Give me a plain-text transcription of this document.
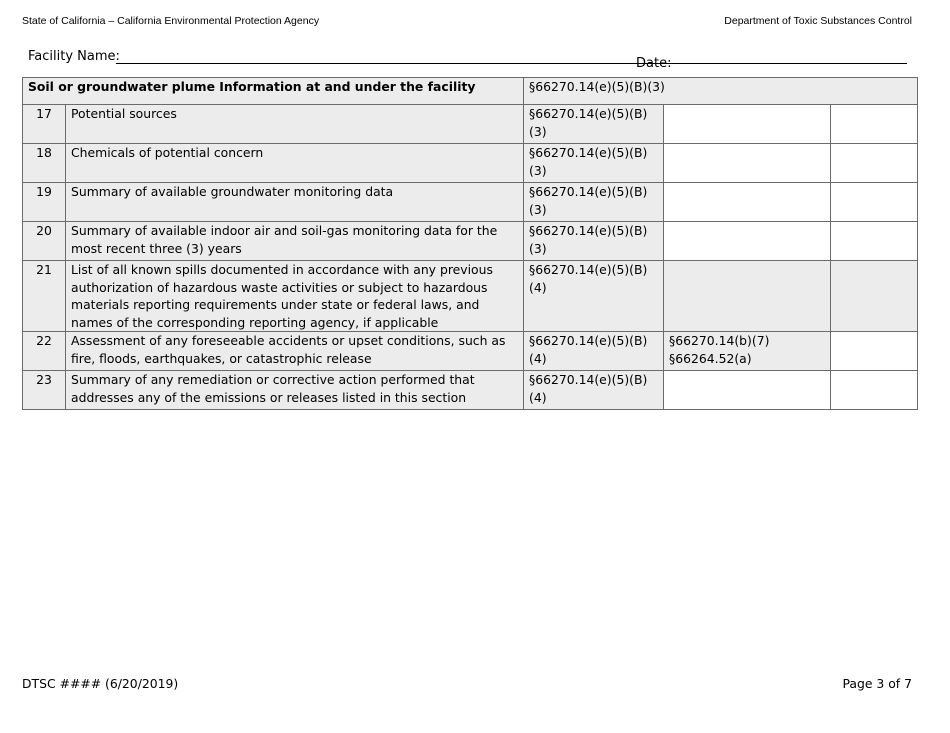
State of California – California Environmental Protection Agency	Department of Toxic Substances Control
Facility Name:	Date:
Soil or groundwater plume Information at and under the facility		§66270.14(e)(5)(B)(3)		
17	Potential sources	§66270.14(e)(5)(B)(3)		
18	Chemicals of potential concern	§66270.14(e)(5)(B)(3)		
19	Summary of available groundwater monitoring data	§66270.14(e)(5)(B)(3)		
20	Summary of available indoor air and soil-gas monitoring data for the most recent three (3) years	§66270.14(e)(5)(B)(3)		
21	List of all known spills documented in accordance with any previous authorization of hazardous waste activities or subject to hazardous materials reporting requirements under state or federal laws, and names of the corresponding reporting agency, if applicable	§66270.14(e)(5)(B)(4)		
22	Assessment of any foreseeable accidents or upset conditions, such as fire, floods, earthquakes, or catastrophic release	§66270.14(e)(5)(B)(4)	§66270.14(b)(7)
§66264.52(a)	

23	Summary of any remediation or corrective action performed that addresses any of the emissions or releases listed in this section	§66270.14(e)(5)(B)(4)		
DTSC #### (6/20/2019)	Page 3 of 7
